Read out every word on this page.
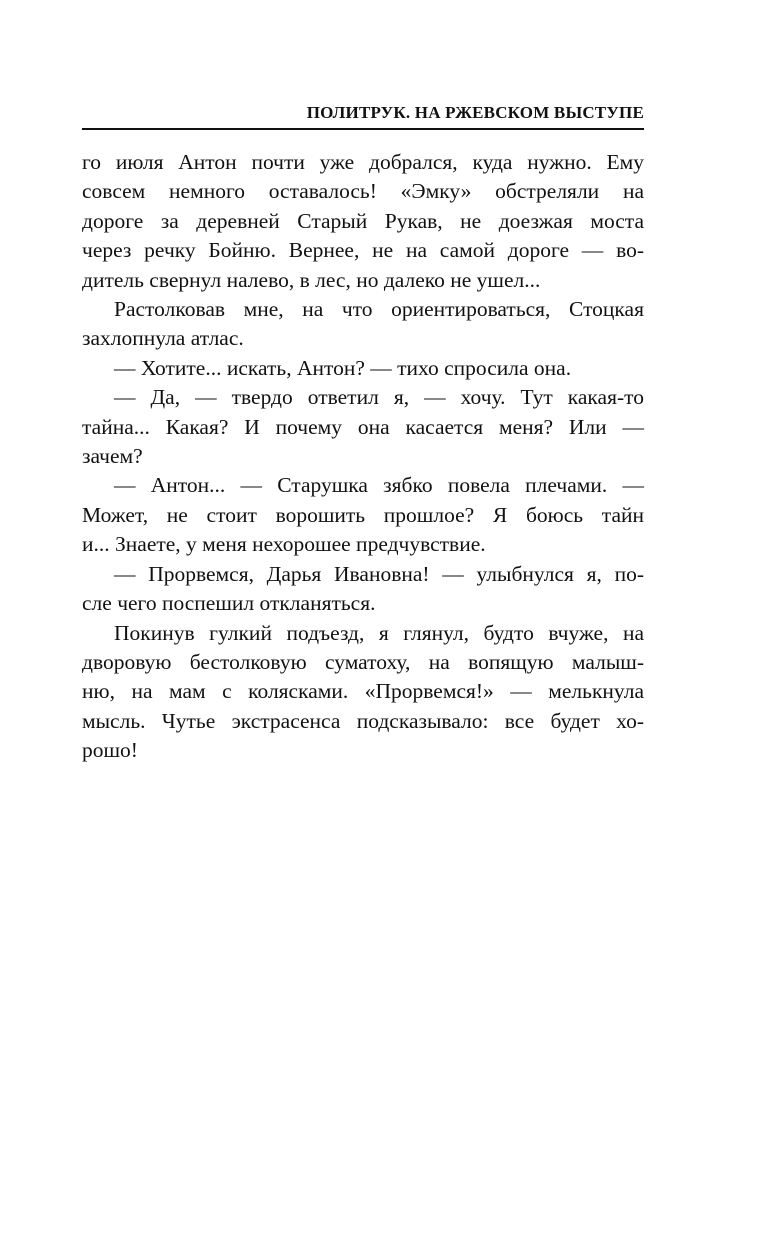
ПОЛИТРУК. НА РЖЕВСКОМ ВЫСТУПЕ

го июля Антон почти уже добрался, куда нужно. Ему
совсем немного оставалось! «Эмку» обстреляли на
дороге за деревней Старый Рукав, не доезжая моста
через речку Бойню. Вернее, не на самой дороге — во-
дитель свернул налево, в лес, но далеко не ушел...

Растолковав мне, на что ориентироваться, Стоцкая
захлопнула атлас.

— Хотите... искать, Антон? — тихо спросила она.

— Да, — твердо ответил я, — хочу. Тут какая-то
тайна... Какая? И почему она касается меня? Или —
зачем?

— Антон... — Старушка зябко повела плечами. —
Может, не стоит ворошить прошлое? Я боюсь тайн
и... Знаете, у меня нехорошее предчувствие.

— Прорвемся, Дарья Ивановна! — улыбнулся я, по-
сле чего поспешил откланяться.

Покинув гулкий подъезд, я глянул, будто вчуже, на
дворовую бестолковую суматоху, на вопящую малыш-
ню, на мам с колясками. «Прорвемся!» — мелькнула
мысль. Чутье экстрасенса подсказывало: все будет хо-
рошо!
